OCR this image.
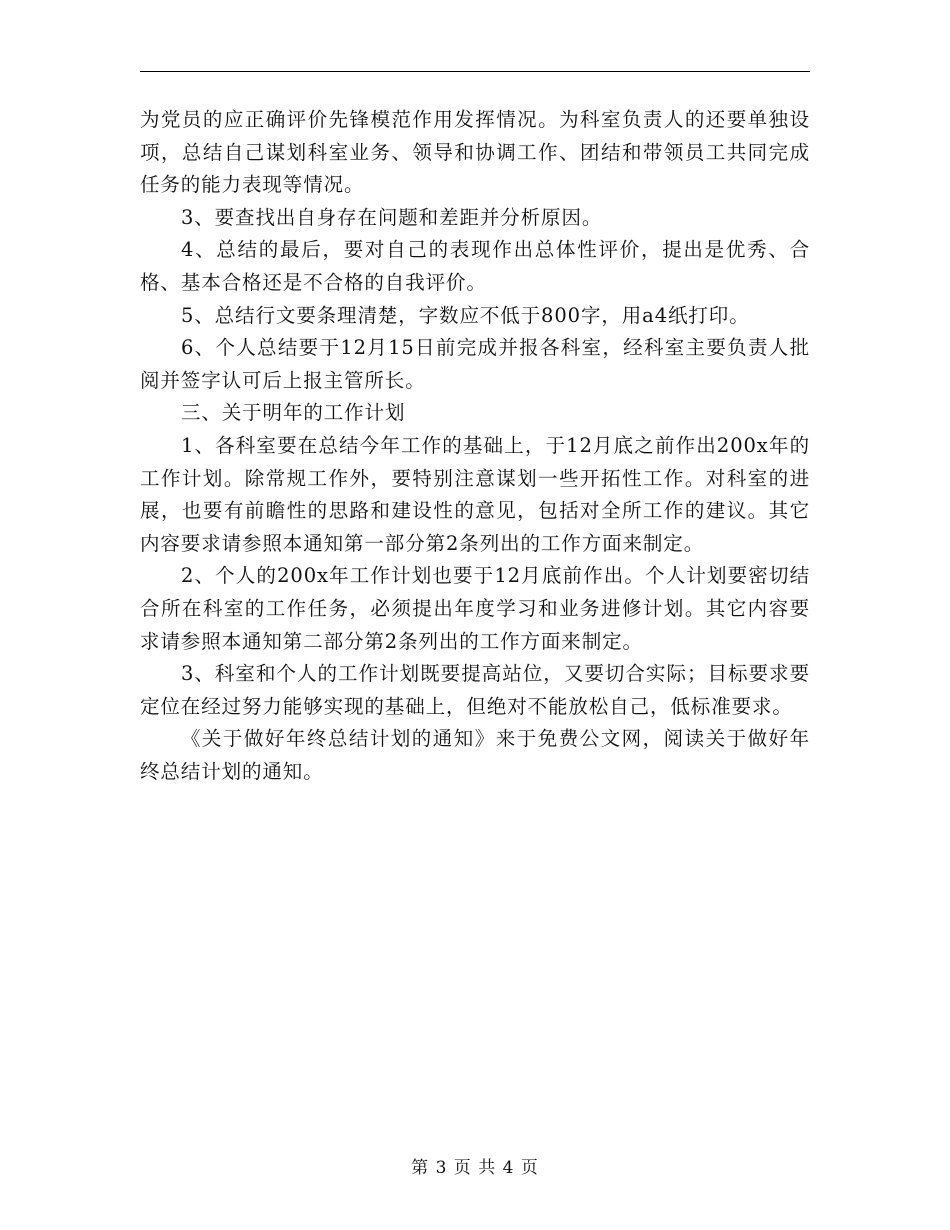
为党员的应正确评价先锋模范作用发挥情况。为科室负责人的还要单独设项，总结自己谋划科室业务、领导和协调工作、团结和带领员工共同完成任务的能力表现等情况。

3、要查找出自身存在问题和差距并分析原因。

4、总结的最后，要对自己的表现作出总体性评价，提出是优秀、合格、基本合格还是不合格的自我评价。

5、总结行文要条理清楚，字数应不低于800字，用a4纸打印。

6、个人总结要于12月15日前完成并报各科室，经科室主要负责人批阅并签字认可后上报主管所长。

三、关于明年的工作计划

1、各科室要在总结今年工作的基础上，于12月底之前作出200x年的工作计划。除常规工作外，要特别注意谋划一些开拓性工作。对科室的进展，也要有前瞻性的思路和建设性的意见，包括对全所工作的建议。其它内容要求请参照本通知第一部分第2条列出的工作方面来制定。

2、个人的200x年工作计划也要于12月底前作出。个人计划要密切结合所在科室的工作任务，必须提出年度学习和业务进修计划。其它内容要求请参照本通知第二部分第2条列出的工作方面来制定。

3、科室和个人的工作计划既要提高站位，又要切合实际；目标要求要定位在经过努力能够实现的基础上，但绝对不能放松自己，低标准要求。

《关于做好年终总结计划的通知》来于免费公文网，阅读关于做好年终总结计划的通知。

第 3 页 共 4 页
